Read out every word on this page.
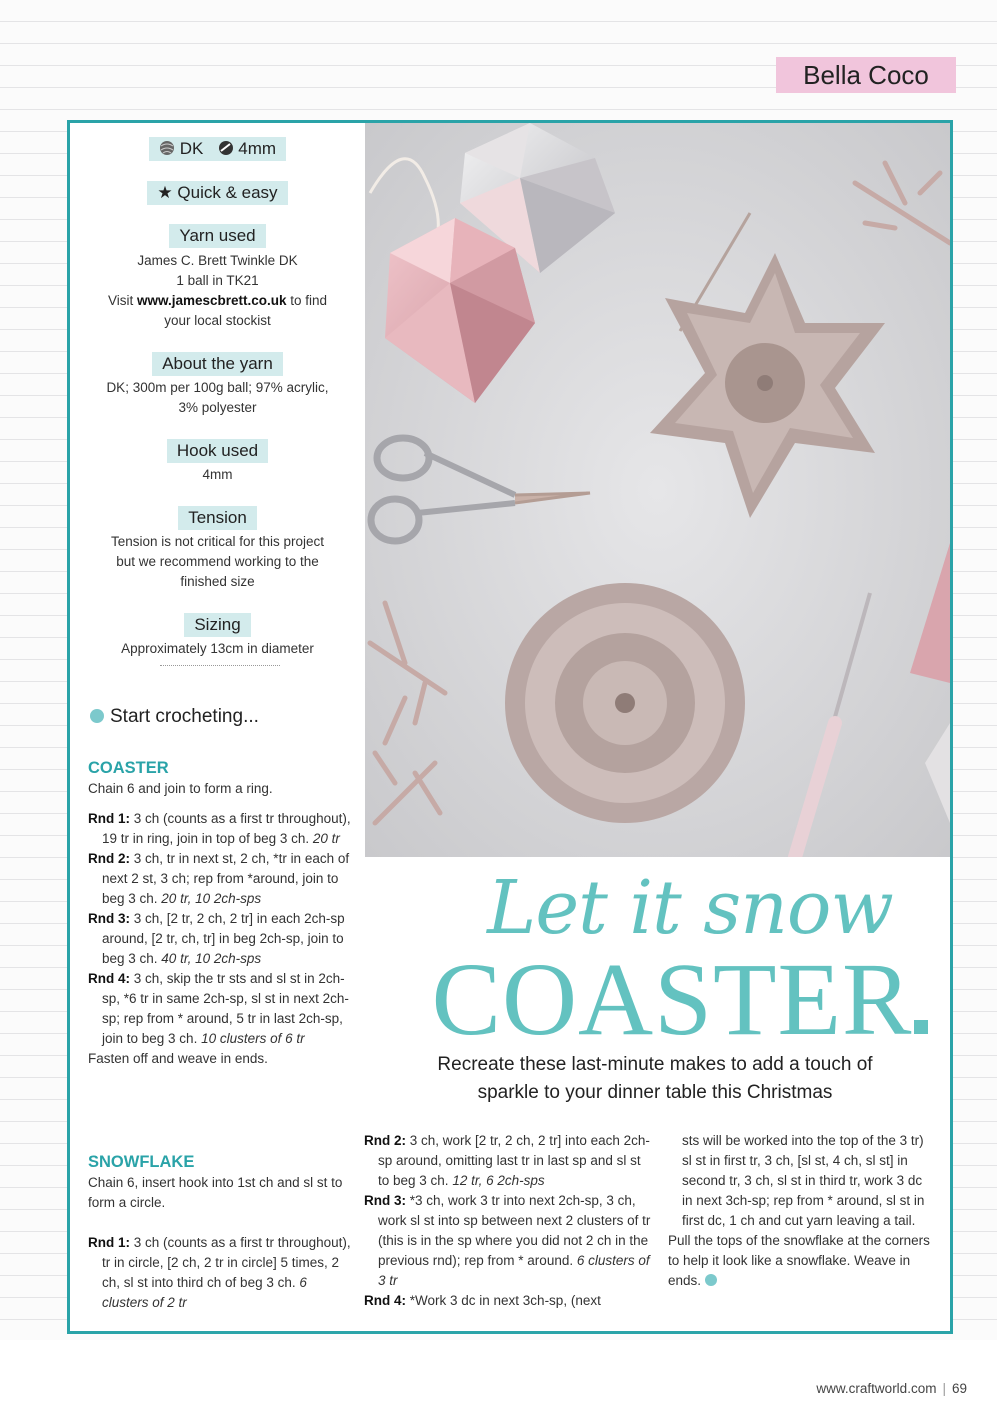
Bella Coco
DK 4mm
★ Quick & easy
Yarn used
James C. Brett Twinkle DK
1 ball in TK21
Visit www.jamescbrett.co.uk to find
your local stockist
About the yarn
DK; 300m per 100g ball; 97% acrylic,
3% polyester
Hook used
4mm
Tension
Tension is not critical for this project
but we recommend working to the
finished size
Sizing
Approximately 13cm in diameter
Start crocheting...
COASTER
Chain 6 and join to form a ring.

Rnd 1: 3 ch (counts as a first tr throughout), 19 tr in ring, join in top of beg 3 ch. 20 tr

Rnd 2: 3 ch, tr in next st, 2 ch, *tr in each of next 2 st, 3 ch; rep from *around, join to beg 3 ch. 20 tr, 10 2ch-sps

Rnd 3: 3 ch, [2 tr, 2 ch, 2 tr] in each 2ch-sp around, [2 tr, ch, tr] in beg 2ch-sp, join to beg 3 ch. 40 tr, 10 2ch-sps

Rnd 4: 3 ch, skip the tr sts and sl st in 2ch-sp, *6 tr in same 2ch-sp, sl st in next 2ch-sp; rep from * around, 5 tr in last 2ch-sp, join to beg 3 ch. 10 clusters of 6 tr

Fasten off and weave in ends.
SNOWFLAKE
Chain 6, insert hook into 1st ch and sl st to form a circle.

Rnd 1: 3 ch (counts as a first tr throughout), tr in circle, [2 ch, 2 tr in circle] 5 times, 2 ch, sl st into third ch of beg 3 ch. 6 clusters of 2 tr

Rnd 2: 3 ch, work [2 tr, 2 ch, 2 tr] into each 2ch-sp around, omitting last tr in last sp and sl st to beg 3 ch. 12 tr, 6 2ch-sps

Rnd 3: *3 ch, work 3 tr into next 2ch-sp, 3 ch, work sl st into sp between next 2 clusters of tr (this is in the sp where you did not 2 ch in the previous rnd); rep from * around. 6 clusters of 3 tr

Rnd 4: *Work 3 dc in next 3ch-sp, (next

sts will be worked into the top of the 3 tr) sl st in first tr, 3 ch, [sl st, 4 ch, sl st] in second tr, 3 ch, sl st in third tr, work 3 dc in next 3ch-sp; rep from * around, sl st in first dc, 1 ch and cut yarn leaving a tail.
Pull the tops of the snowflake at the corners to help it look like a snowflake. Weave in ends.
Let it snow
COASTER
Recreate these last-minute makes to add a touch of
sparkle to your dinner table this Christmas
www.craftworld.com | 69
